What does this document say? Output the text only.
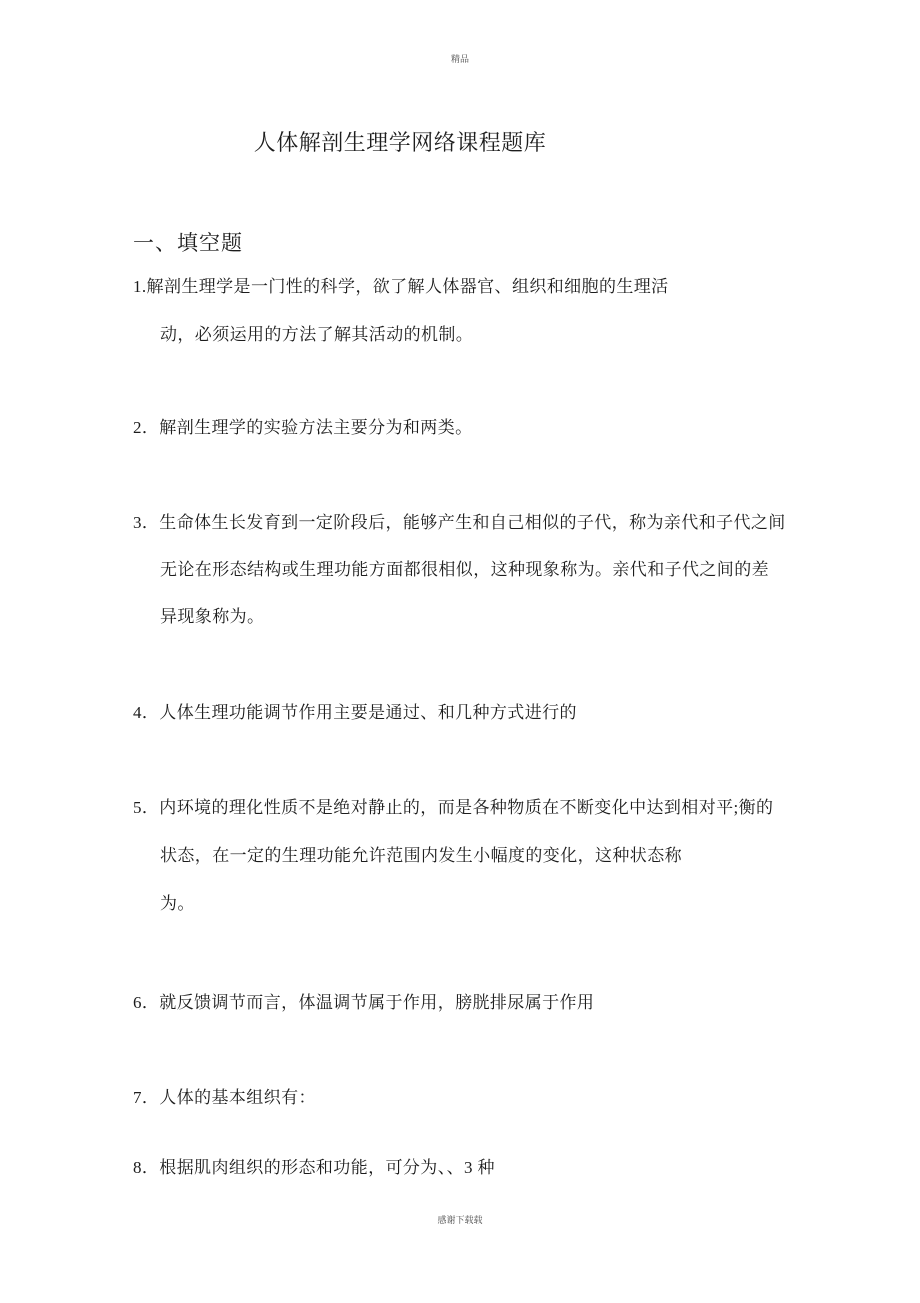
精品
人体解剖生理学网络课程题库
一、填空题
1.解剖生理学是一门性的科学，欲了解人体器官、组织和细胞的生理活
动，必须运用的方法了解其活动的机制。
2．解剖生理学的实验方法主要分为和两类。
3．生命体生长发育到一定阶段后，能够产生和自己相似的子代，称为亲代和子代之间
无论在形态结构或生理功能方面都很相似，这种现象称为。亲代和子代之间的差
异现象称为。
4．人体生理功能调节作用主要是通过、和几种方式进行的
5．内环境的理化性质不是绝对静止的，而是各种物质在不断变化中达到相对平;衡的
状态，在一定的生理功能允许范围内发生小幅度的变化，这种状态称
为。
6．就反馈调节而言，体温调节属于作用，膀胱排尿属于作用
7．人体的基本组织有：
8．根据肌肉组织的形态和功能，可分为、、3 种
感谢下载载
